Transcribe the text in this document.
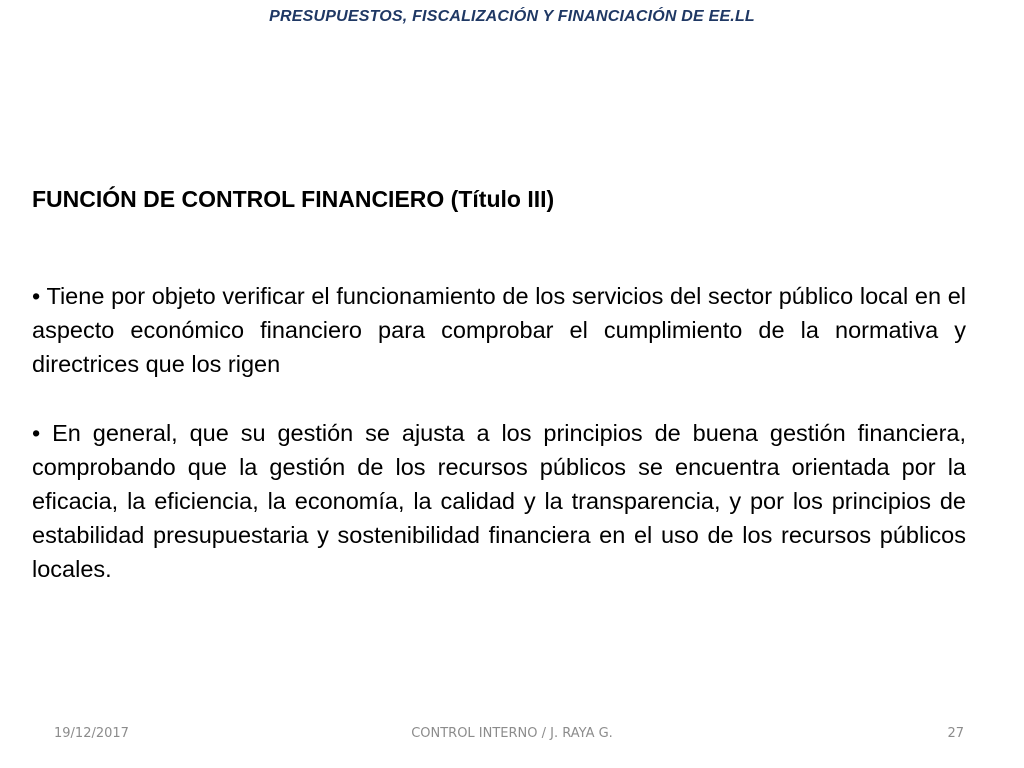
PRESUPUESTOS, FISCALIZACIÓN Y FINANCIACIÓN DE EE.LL
FUNCIÓN DE CONTROL FINANCIERO (Título III)
• Tiene por objeto verificar el funcionamiento de los servicios del sector público local en el aspecto económico financiero para comprobar el cumplimiento de la normativa y directrices que los rigen
• En general, que su gestión se ajusta a los principios de buena gestión financiera, comprobando que la gestión de los recursos públicos se encuentra orientada por la eficacia, la eficiencia, la economía, la calidad y la transparencia, y por los principios de estabilidad presupuestaria y sostenibilidad financiera en el uso de los recursos públicos locales.
19/12/2017	CONTROL INTERNO / J. RAYA G.	27
